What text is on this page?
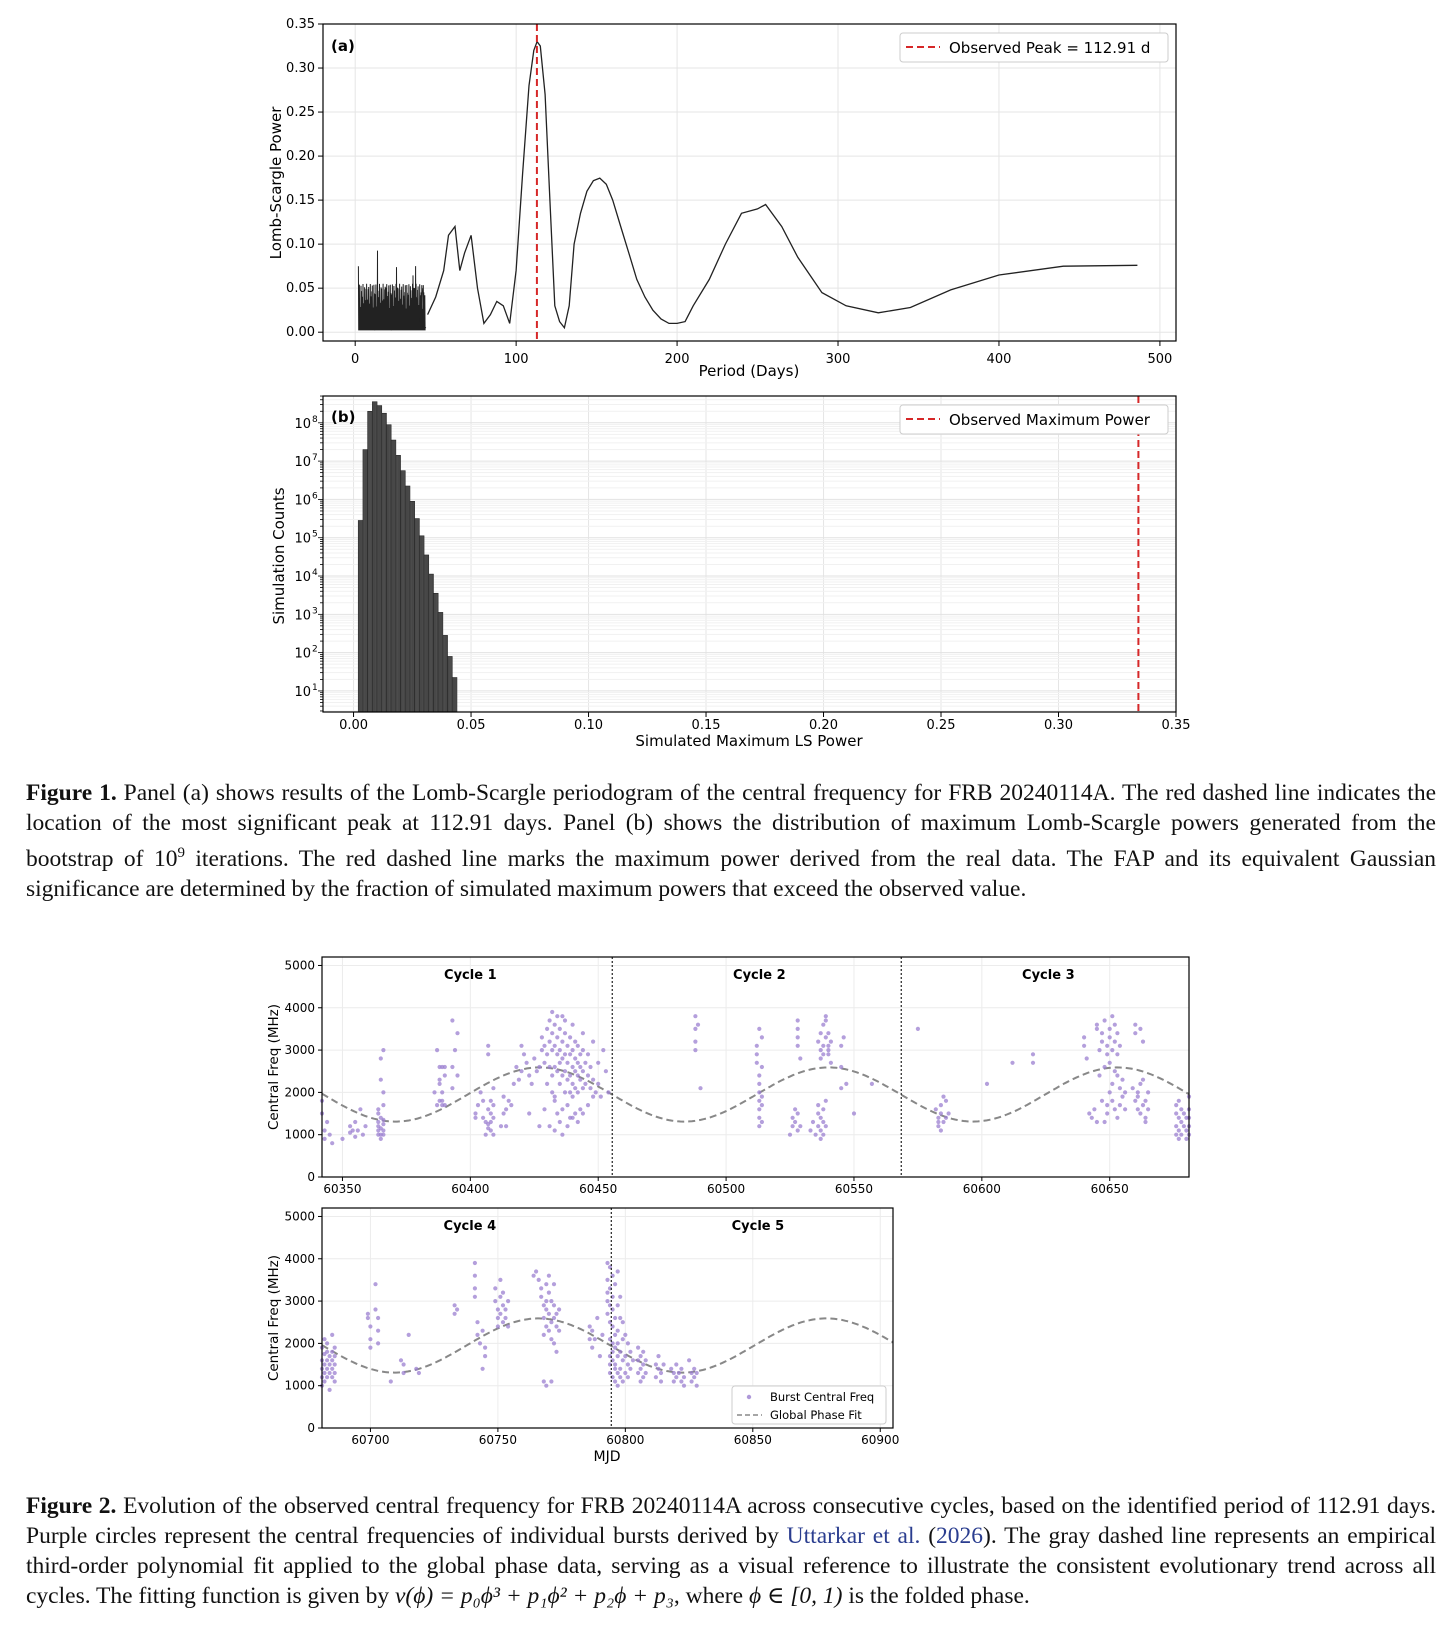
0	100	200	300	400	500
0.00
0.05
0.10
0.15
0.20
0.25
0.30
0.35
(a)
Period (Days)
Lomb-Scargle Power
Observed Peak = 112.91 d
0.00	0.05	0.10	0.15	0.20	0.25	0.30	0.35
10 1
10 2
10 3
10 4
10 5
10 6
10 7
10 8 (b)
Simulated Maximum LS Power
Simulation Counts
Observed Maximum Power
Figure 1. Panel (a) shows results of the Lomb-Scargle periodogram of the central frequency for FRB 20240114A. The red dashed line indicates the location of the most significant peak at 112.91 days. Panel (b) shows the distribution of maximum Lomb-Scargle powers generated from the bootstrap of $10^9$ iterations. The red dashed line marks the maximum power derived from the real data. The FAP and its equivalent Gaussian significance are determined by the fraction of simulated maximum powers that exceed the observed value.
60350	60400	60450	60500	60550	60600	60650
0
1000
2000
3000
4000
5000
Cycle 1	Cycle 2	Cycle 3
Central Freq (MHz)
60700	60750	60800	60850	60900
0
1000
2000
3000
4000
5000
Cycle 4	Cycle 5
Central Freq (MHz)
MJD
Burst Central Freq
Global Phase Fit
Figure 2. Evolution of the observed central frequency for FRB 20240114A across consecutive cycles, based on the identified period of 112.91 days. Purple circles represent the central frequencies of individual bursts derived by Uttarkar et al. (2026). The gray dashed line represents an empirical third-order polynomial fit applied to the global phase data, serving as a visual reference to illustrate the consistent evolutionary trend across all cycles. The fitting function is given by ν(ϕ) = p₀ϕ³ + p₁ϕ² + p₂ϕ + p₃, where ϕ ∈ [0, 1) is the folded phase.
